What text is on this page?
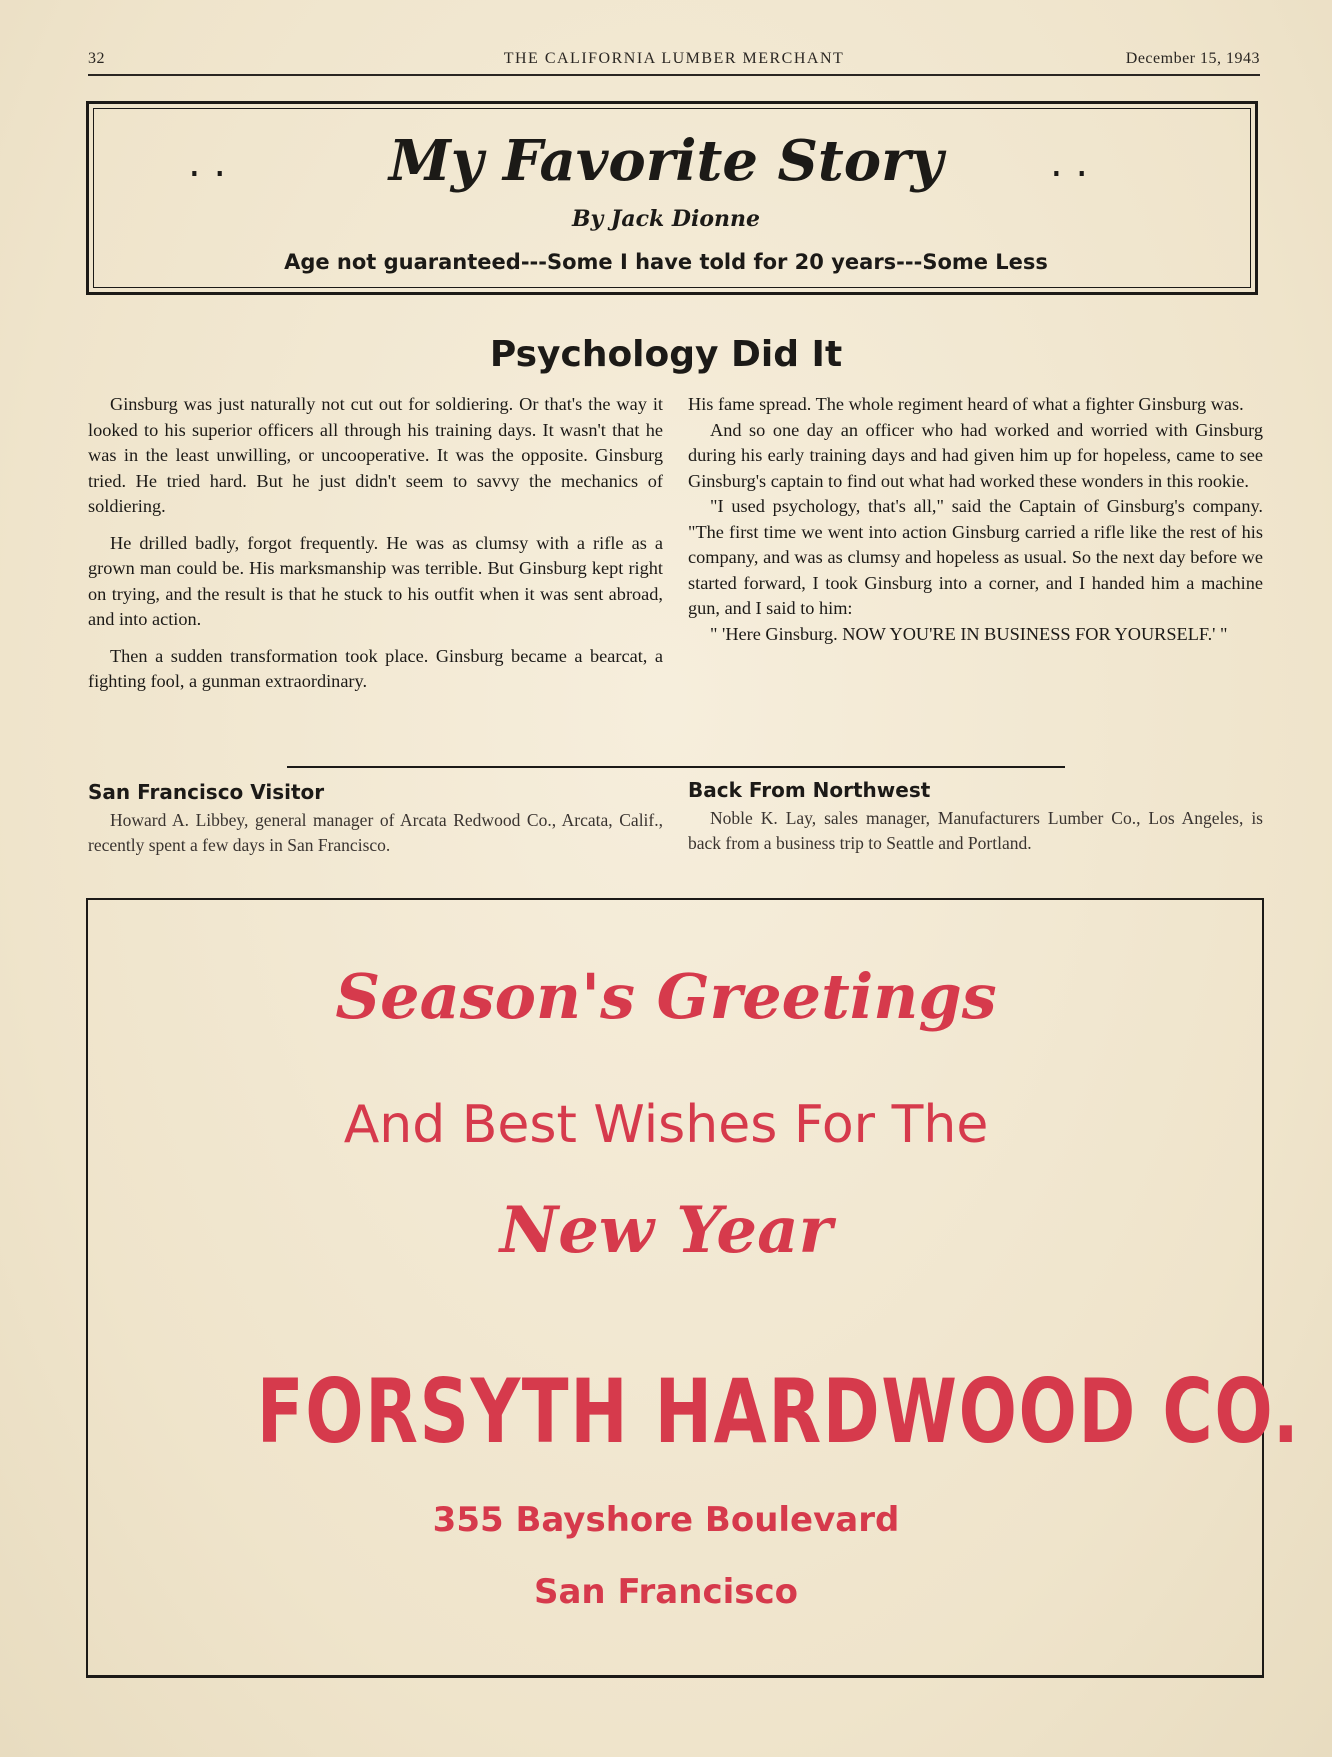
32	THE CALIFORNIA LUMBER MERCHANT	December 15, 1943
. .	. .
My Favorite Story
By Jack Dionne
Age not guaranteed---Some I have told for 20 years---Some Less
Psychology Did It

Ginsburg was just naturally not cut out for soldiering. Or that's the way it looked to his superior officers all through his training days. It wasn't that he was in the least unwilling, or uncooperative. It was the opposite. Ginsburg tried. He tried hard. But he just didn't seem to savvy the mechanics of soldiering.

He drilled badly, forgot frequently. He was as clumsy with a rifle as a grown man could be. His marksmanship was terrible. But Ginsburg kept right on trying, and the result is that he stuck to his outfit when it was sent abroad, and into action.

Then a sudden transformation took place. Ginsburg became a bearcat, a fighting fool, a gunman extraordinary.

His fame spread. The whole regiment heard of what a fighter Ginsburg was.

And so one day an officer who had worked and worried with Ginsburg during his early training days and had given him up for hopeless, came to see Ginsburg's captain to find out what had worked these wonders in this rookie.

"I used psychology, that's all," said the Captain of Ginsburg's company. "The first time we went into action Ginsburg carried a rifle like the rest of his company, and was as clumsy and hopeless as usual. So the next day before we started forward, I took Ginsburg into a corner, and I handed him a machine gun, and I said to him:

" 'Here Ginsburg. NOW YOU'RE IN BUSINESS FOR YOURSELF.' "

San Francisco Visitor
Howard A. Libbey, general manager of Arcata Redwood Co., Arcata, Calif., recently spent a few days in San Francisco.
Back From Northwest
Noble K. Lay, sales manager, Manufacturers Lumber Co., Los Angeles, is back from a business trip to Seattle and Portland.
Season's Greetings
And Best Wishes For The
New Year
FORSYTH HARDWOOD CO.
355 Bayshore Boulevard
San Francisco
